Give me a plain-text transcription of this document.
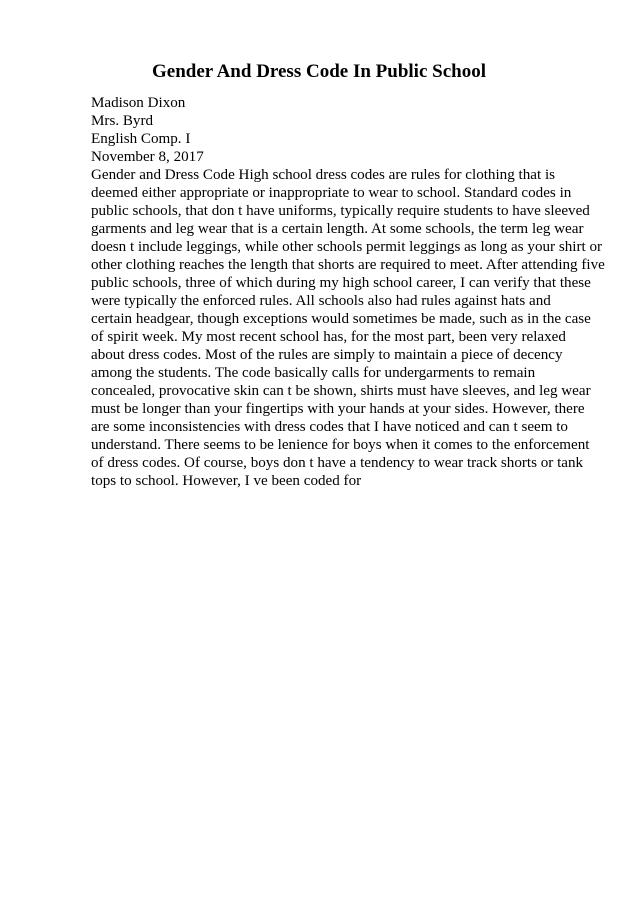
Gender And Dress Code In Public School
Madison Dixon
Mrs. Byrd
English Comp. I
November 8, 2017
Gender and Dress Code High school dress codes are rules for clothing that is
deemed either appropriate or inappropriate to wear to school. Standard codes in
public schools, that don t have uniforms, typically require students to have sleeved
garments and leg wear that is a certain length. At some schools, the term leg wear
doesn t include leggings, while other schools permit leggings as long as your shirt or
other clothing reaches the length that shorts are required to meet. After attending five
public schools, three of which during my high school career, I can verify that these
were typically the enforced rules. All schools also had rules against hats and
certain headgear, though exceptions would sometimes be made, such as in the case
of spirit week. My most recent school has, for the most part, been very relaxed
about dress codes. Most of the rules are simply to maintain a piece of decency
among the students. The code basically calls for undergarments to remain
concealed, provocative skin can t be shown, shirts must have sleeves, and leg wear
must be longer than your fingertips with your hands at your sides. However, there
are some inconsistencies with dress codes that I have noticed and can t seem to
understand. There seems to be lenience for boys when it comes to the enforcement
of dress codes. Of course, boys don t have a tendency to wear track shorts or tank
tops to school. However, I ve been coded for
